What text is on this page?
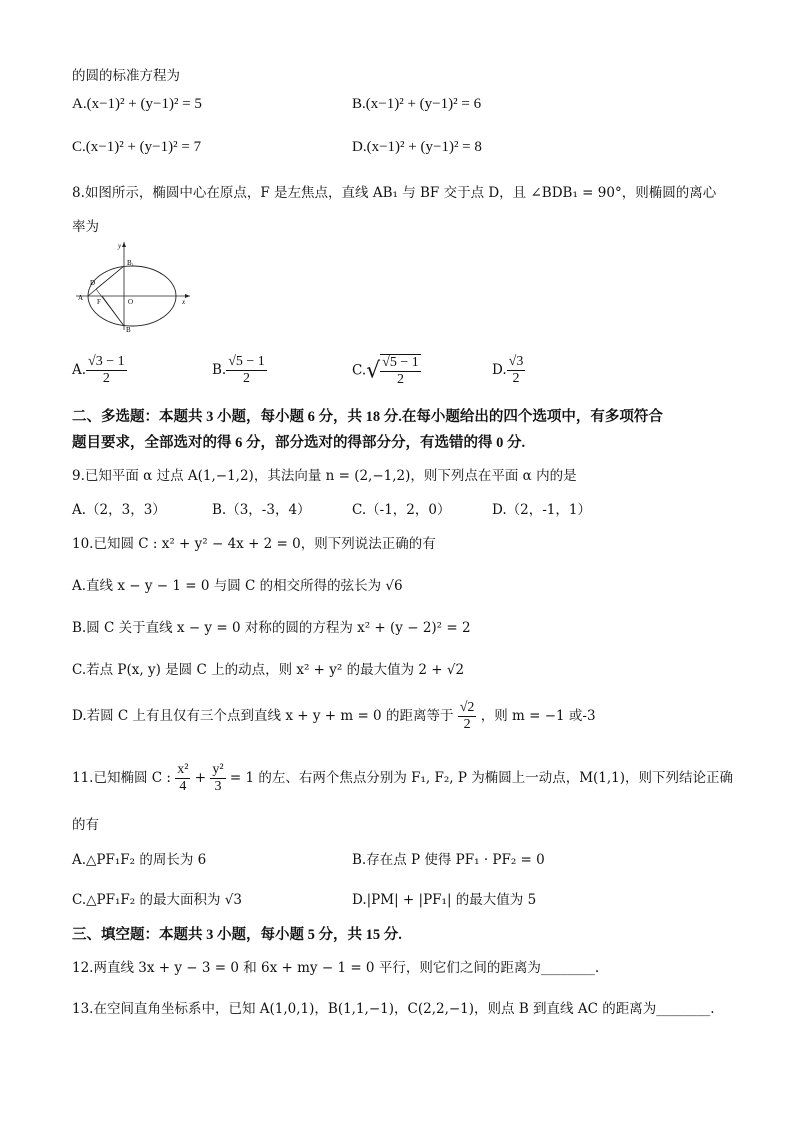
的圆的标准方程为
A.(x−1)² + (y−1)² = 5	B.(x−1)² + (y−1)² = 6
C.(x−1)² + (y−1)² = 7	D.(x−1)² + (y−1)² = 8
8.如图所示，椭圆中心在原点，F 是左焦点，直线 AB₁ 与 BF 交于点 D，且 ∠BDB₁ = 90°，则椭圆的离心
率为
y
x
B₁
D
A F	O
B
A. $\frac{√3 - 1}{2}$	B. $\frac{√5 - 1}{2}$	$C.√ \frac{√5 - 1}{2}$	D. $\frac{√3}{2}$
二、多选题：本题共 3 小题，每小题 6 分，共 18 分.在每小题给出的四个选项中，有多项符合
题目要求，全部选对的得 6 分，部分选对的得部分分，有选错的得 0 分.
9.已知平面 α 过点 A(1,−1,2)，其法向量 n = (2,−1,2)，则下列点在平面 α 内的是
A.（2，3，3）	B.（3，-3，4）	C.（-1，2，0）	D.（2，-1，1）
10.已知圆 C : x² + y² − 4x + 2 = 0，则下列说法正确的有
A.直线 x − y − 1 = 0 与圆 C 的相交所得的弦长为 √6
B.圆 C 关于直线 x − y = 0 对称的圆的方程为 x² + (y − 2)² = 2
C.若点 P(x, y) 是圆 C 上的动点，则 x² + y² 的最大值为 2 + √2
D.若圆 C 上有且仅有三个点到直线 x + y + m = 0 的距离等于 $\frac{√2}{2}$ ，则 m = −1 或-3
11.已知椭圆 C : $\frac{\text{x²}}{4} + \frac{\text{y²}}{3} = 1$ 的左、右两个焦点分别为 F₁, F₂, P 为椭圆上一动点，M(1,1)，则下列结论正确
的有
A.△PF₁F₂ 的周长为 6	B.存在点 P 使得 PF₁ · PF₂ = 0
C.△PF₁F₂ 的最大面积为 √3	D.|PM| + |PF₁| 的最大值为 5
三、填空题：本题共 3 小题，每小题 5 分，共 15 分.
12.两直线 3x + y − 3 = 0 和 6x + my − 1 = 0 平行，则它们之间的距离为________.
13.在空间直角坐标系中，已知 A(1,0,1)，B(1,1,−1)，C(2,2,−1)，则点 B 到直线 AC 的距离为________.
